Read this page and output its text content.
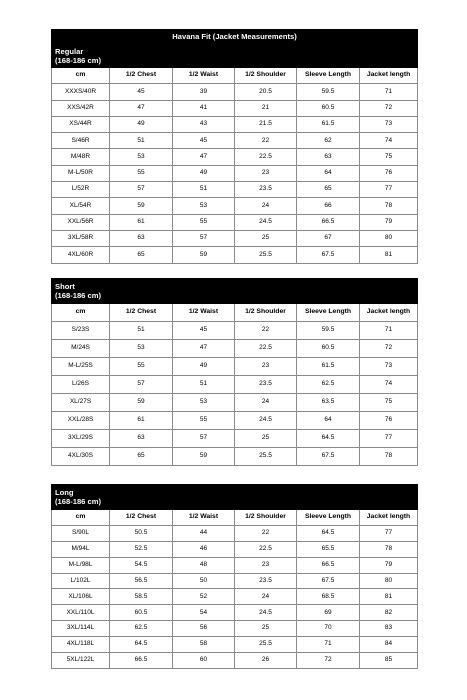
Havana Fit (Jacket Measurements)					
Regular
(168-186 cm)					
cm	1/2 Chest	1/2 Waist	1/2 Shoulder	Sleeve Length	Jacket length
XXXS/40R	45	39	20.5	59.5	71
XXS/42R	47	41	21	60.5	72
XS/44R	49	43	21.5	61.5	73
S/46R	51	45	22	62	74
M/48R	53	47	22.5	63	75
M-L/50R	55	49	23	64	76
L/52R	57	51	23.5	65	77
XL/54R	59	53	24	66	78
XXL/56R	61	55	24.5	66.5	79
3XL/58R	63	57	25	67	80
4XL/60R	65	59	25.5	67.5	81
Short
(168-186 cm)					
cm	1/2 Chest	1/2 Waist	1/2 Shoulder	Sleeve Length	Jacket length
S/23S	51	45	22	59.5	71
M/24S	53	47	22.5	60.5	72
M-L/25S	55	49	23	61.5	73
L/26S	57	51	23.5	62.5	74
XL/27S	59	53	24	63.5	75
XXL/28S	61	55	24.5	64	76
3XL/29S	63	57	25	64.5	77
4XL/30S	65	59	25.5	67.5	78
Long
(168-186 cm)					
cm	1/2 Chest	1/2 Waist	1/2 Shoulder	Sleeve Length	Jacket length
S/90L	50.5	44	22	64.5	77
M/94L	52.5	46	22.5	65.5	78
M-L/98L	54.5	48	23	66.5	79
L/102L	56.5	50	23.5	67.5	80
XL/106L	58.5	52	24	68.5	81
XXL/110L	60.5	54	24.5	69	82
3XL/114L	62.5	56	25	70	83
4XL/118L	64.5	58	25.5	71	84
5XL/122L	66.5	60	26	72	85
